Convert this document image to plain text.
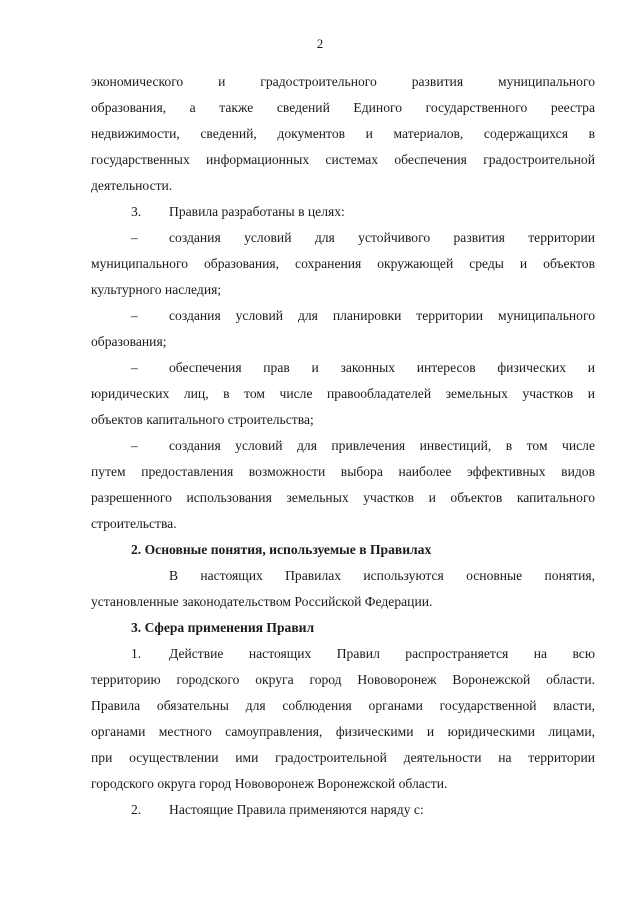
2
экономического и градостроительного развития муниципального
образования, а также сведений Единого государственного реестра
недвижимости, сведений, документов и материалов, содержащихся в
государственных информационных системах обеспечения градостроительной
деятельности.
3.	Правила разработаны в целях:
–	создания условий для устойчивого развития территории
муниципального образования, сохранения окружающей среды и объектов
культурного наследия;
–	создания условий для планировки территории муниципального
образования;
–	обеспечения прав и законных интересов физических и
юридических лиц, в том числе правообладателей земельных участков и
объектов капитального строительства;
–	создания условий для привлечения инвестиций, в том числе
путем предоставления возможности выбора наиболее эффективных видов
разрешенного использования земельных участков и объектов капитального
строительства.
2. Основные понятия, используемые в Правилах
В настоящих Правилах используются основные понятия,
установленные законодательством Российской Федерации.
3. Сфера применения Правил
1.	Действие настоящих Правил распространяется на всю
территорию городского округа город Нововоронеж Воронежской области.
Правила обязательны для соблюдения органами государственной власти,
органами местного самоуправления, физическими и юридическими лицами,
при осуществлении ими градостроительной деятельности на территории
городского округа город Нововоронеж Воронежской области.
2.	Настоящие Правила применяются наряду с:
